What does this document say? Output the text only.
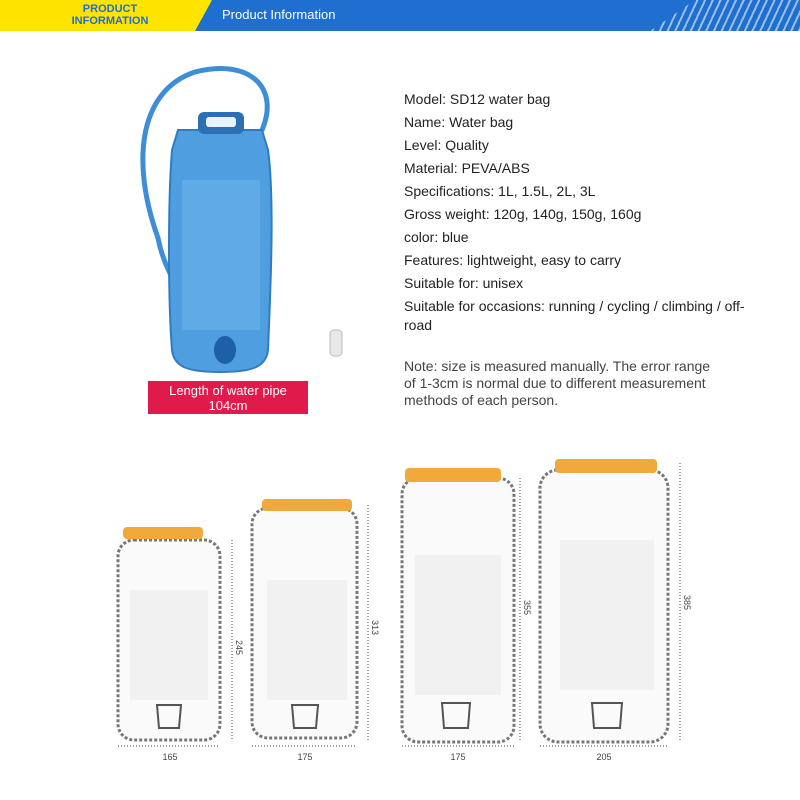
PRODUCT
INFORMATION	Product Information
165
245
175
313
175
355
205
385
Length of water pipe
104cm
Model: SD12 water bag
Name: Water bag
Level: Quality
Material: PEVA/ABS
Specifications: 1L, 1.5L, 2L, 3L
Gross weight: 120g, 140g, 150g, 160g
color: blue
Features: lightweight, easy to carry
Suitable for: unisex
Suitable for occasions: running / cycling / climbing / off-road
Note: size is measured manually. The error range of 1-3cm is normal due to different measurement methods of each person.
